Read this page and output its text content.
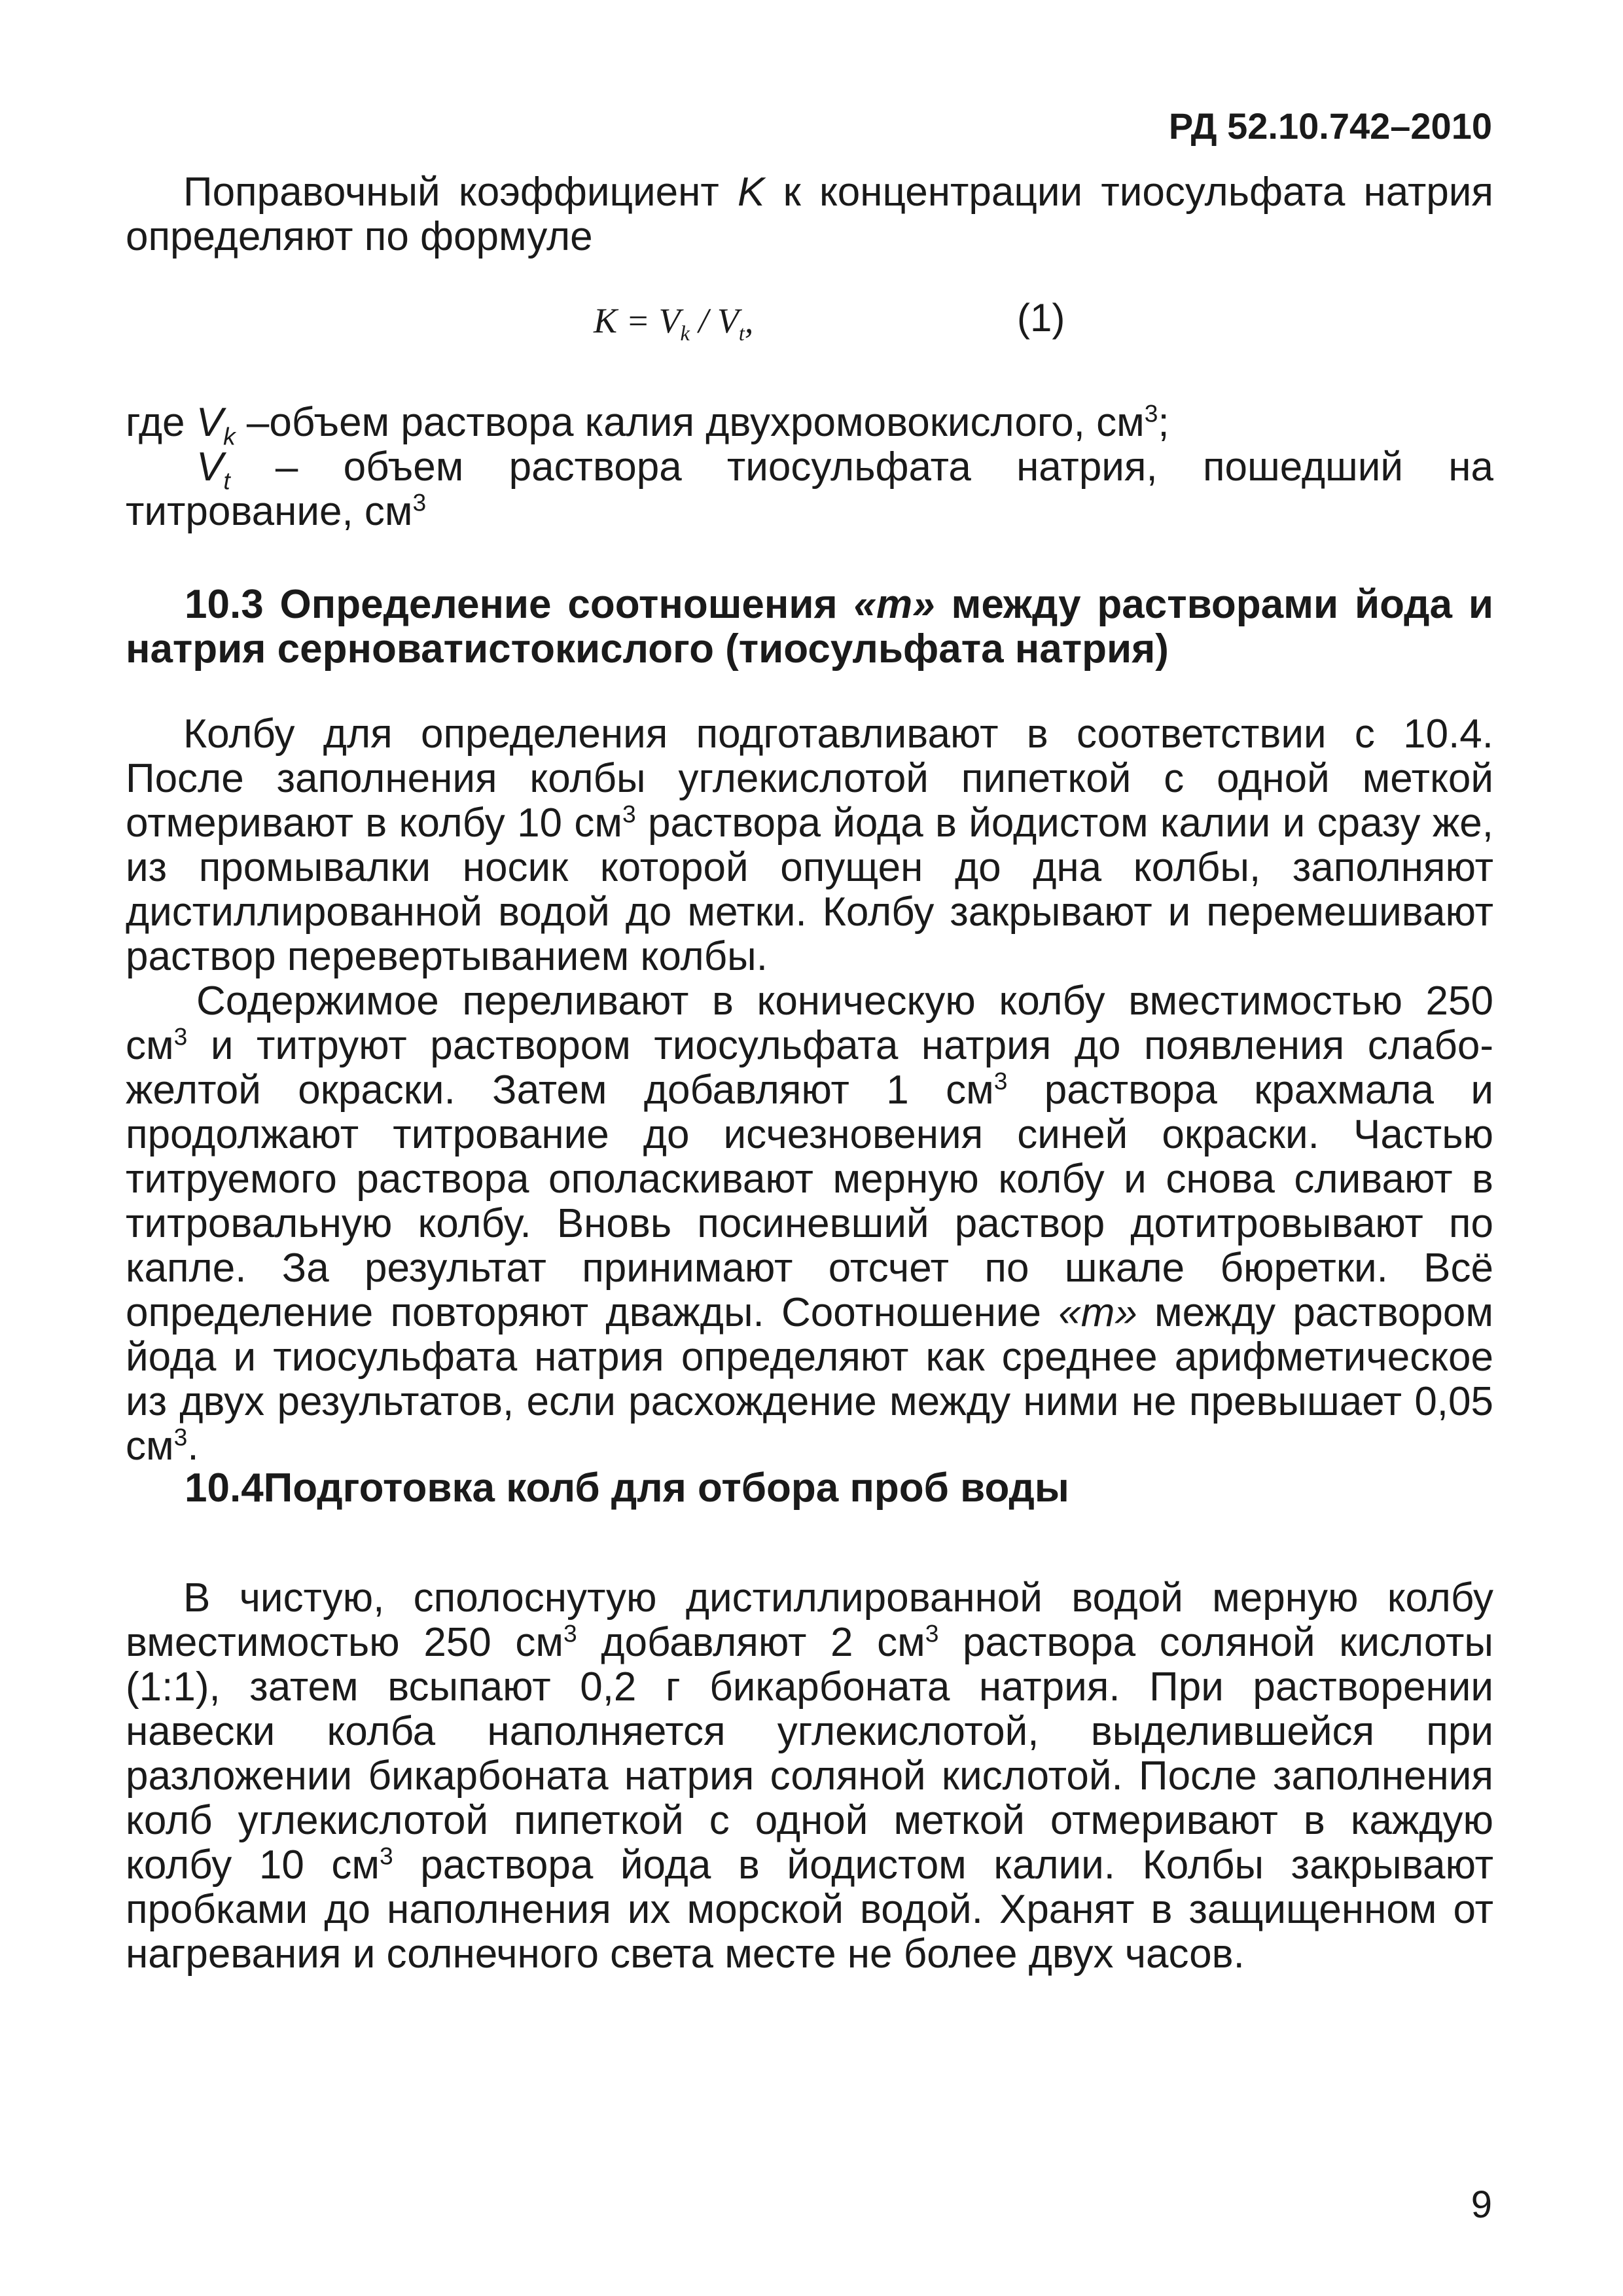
РД 52.10.742–2010

Поправочный коэффициент K к концентрации тиосульфата натрия определяют по формуле

$K = V_k / V_t$,	(1)

где $V_k$ –объем раствора калия двухромовокислого, $см^3$;

$V_t$ – объем раствора тиосульфата натрия, пошедший на титрование, $см^3$

10.3 Определение соотношения «m» между растворами йода и натрия серноватистокислого (тиосульфата натрия)

Колбу для определения подготавливают в соответствии с 10.4. После заполнения колбы углекислотой пипеткой с одной меткой отмеривают в колбу 10 $см^3$ раствора йода в йодистом калии и сразу же, из промывалки носик которой опущен до дна колбы, заполняют дистиллированной водой до метки. Колбу закрывают и перемешивают раствор перевертыванием колбы.

Содержимое переливают в коническую колбу вместимостью 250 $см^3$ и титруют раствором тиосульфата натрия до появления слабо-желтой окраски. Затем добавляют 1 $см^3$ раствора крахмала и продолжают титрование до исчезновения синей окраски. Частью титруемого раствора ополаскивают мерную колбу и снова сливают в титровальную колбу. Вновь посиневший раствор дотитровывают по капле. За результат принимают отсчет по шкале бюретки. Всё определение повторяют дважды. Соотношение «m» между раствором йода и тиосульфата натрия определяют как среднее арифметическое из двух результатов, если расхождение между ними не превышает 0,05 $см^3$.

10.4Подготовка колб для отбора проб воды

В чистую, сполоснутую дистиллированной водой мерную колбу вместимостью 250 $см^3$ добавляют 2 $см^3$ раствора соляной кислоты (1:1), затем всыпают 0,2 г бикарбоната натрия. При растворении навески колба наполняется углекислотой, выделившейся при разложении бикарбоната натрия соляной кислотой. После заполнения колб углекислотой пипеткой с одной меткой отмеривают в каждую колбу 10 $см^3$ раствора йода в йодистом калии. Колбы закрывают пробками до наполнения их морской водой. Хранят в защищенном от нагревания и солнечного света месте не более двух часов.

9
